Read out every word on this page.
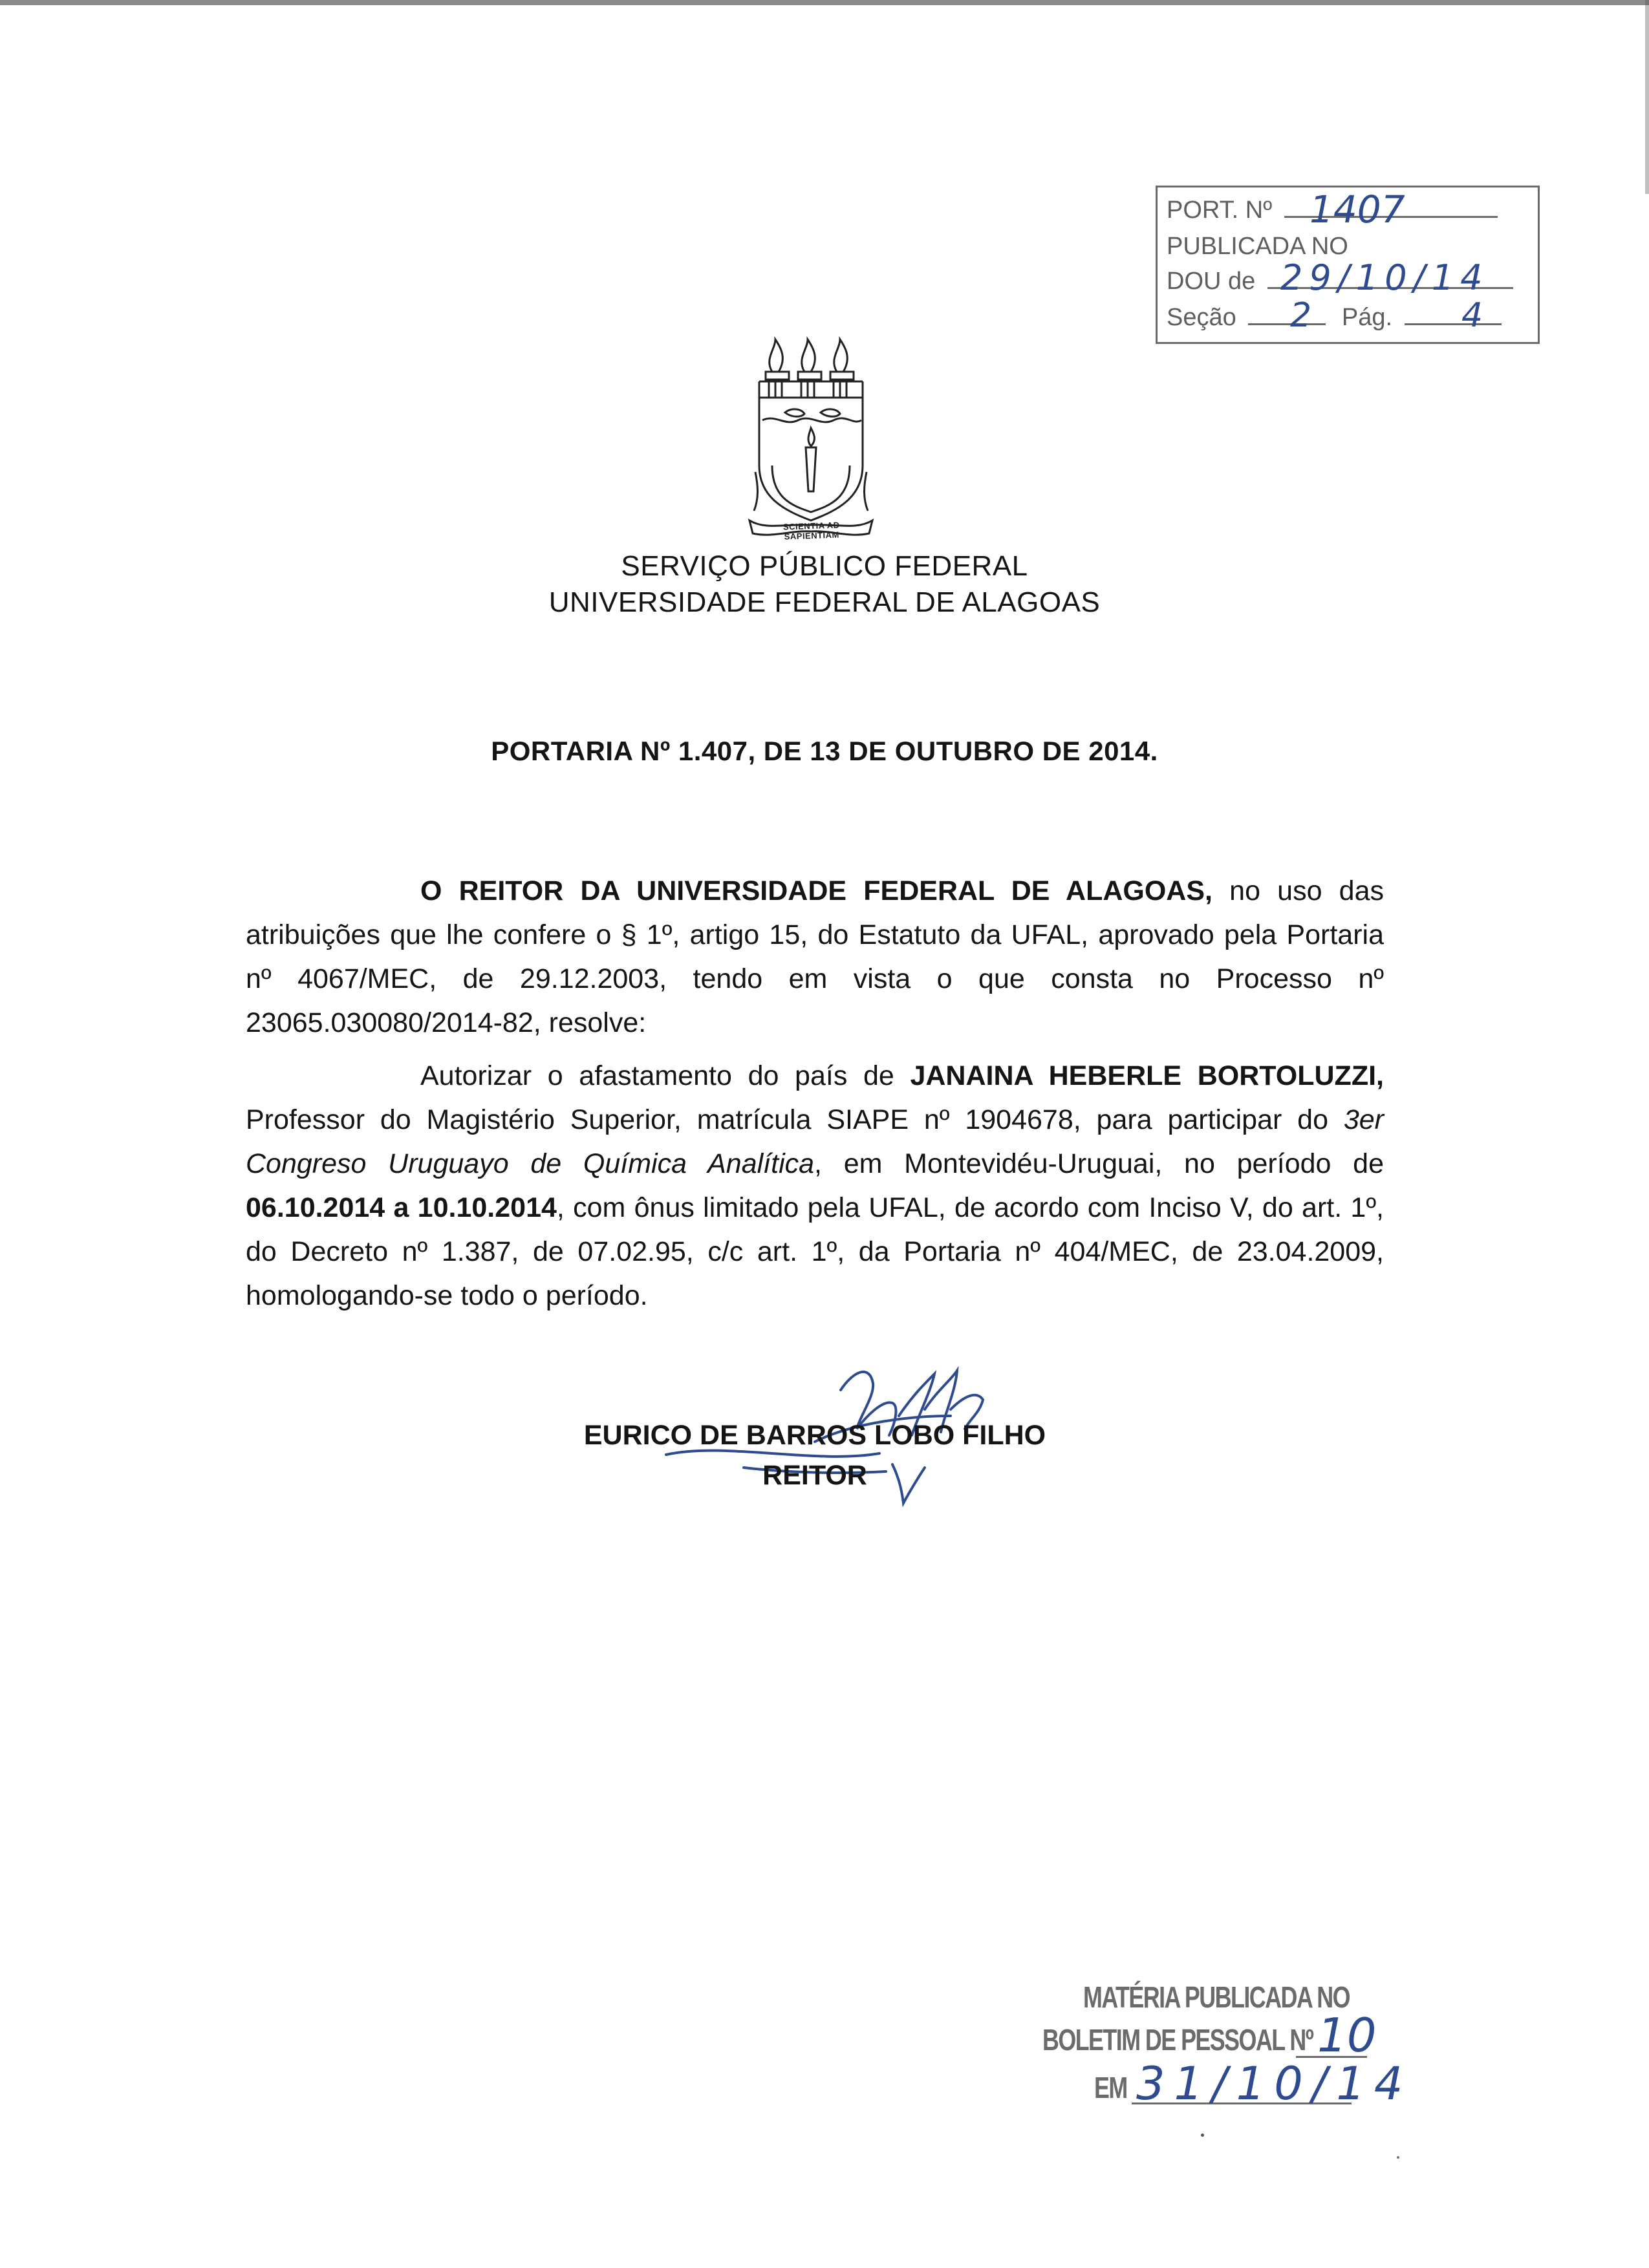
PORT. Nº 1407
PUBLICADA NO
DOU de 29/10/14
Seção	Pág.
2	4
SCIENTIA AD SAPIENTIAM
SERVIÇO PÚBLICO FEDERAL
UNIVERSIDADE FEDERAL DE ALAGOAS
PORTARIA Nº 1.407, DE 13 DE OUTUBRO DE 2014.
O REITOR DA UNIVERSIDADE FEDERAL DE ALAGOAS, no uso das atribuições que lhe confere o § 1º, artigo 15, do Estatuto da UFAL, aprovado pela Portaria nº 4067/MEC, de 29.12.2003, tendo em vista o que consta no Processo nº 23065.030080/2014-82, resolve:
Autorizar o afastamento do país de JANAINA HEBERLE BORTOLUZZI, Professor do Magistério Superior, matrícula SIAPE nº 1904678, para participar do 3er Congreso Uruguayo de Química Analítica, em Montevidéu-Uruguai, no período de 06.10.2014 a 10.10.2014, com ônus limitado pela UFAL, de acordo com Inciso V, do art. 1º, do Decreto nº 1.387, de 07.02.95, c/c art. 1º, da Portaria nº 404/MEC, de 23.04.2009, homologando-se todo o período.
EURICO DE BARROS LOBO FILHO
REITOR
MATÉRIA PUBLICADA NO
BOLETIM DE PESSOAL Nº 10
EM 31/10/14
